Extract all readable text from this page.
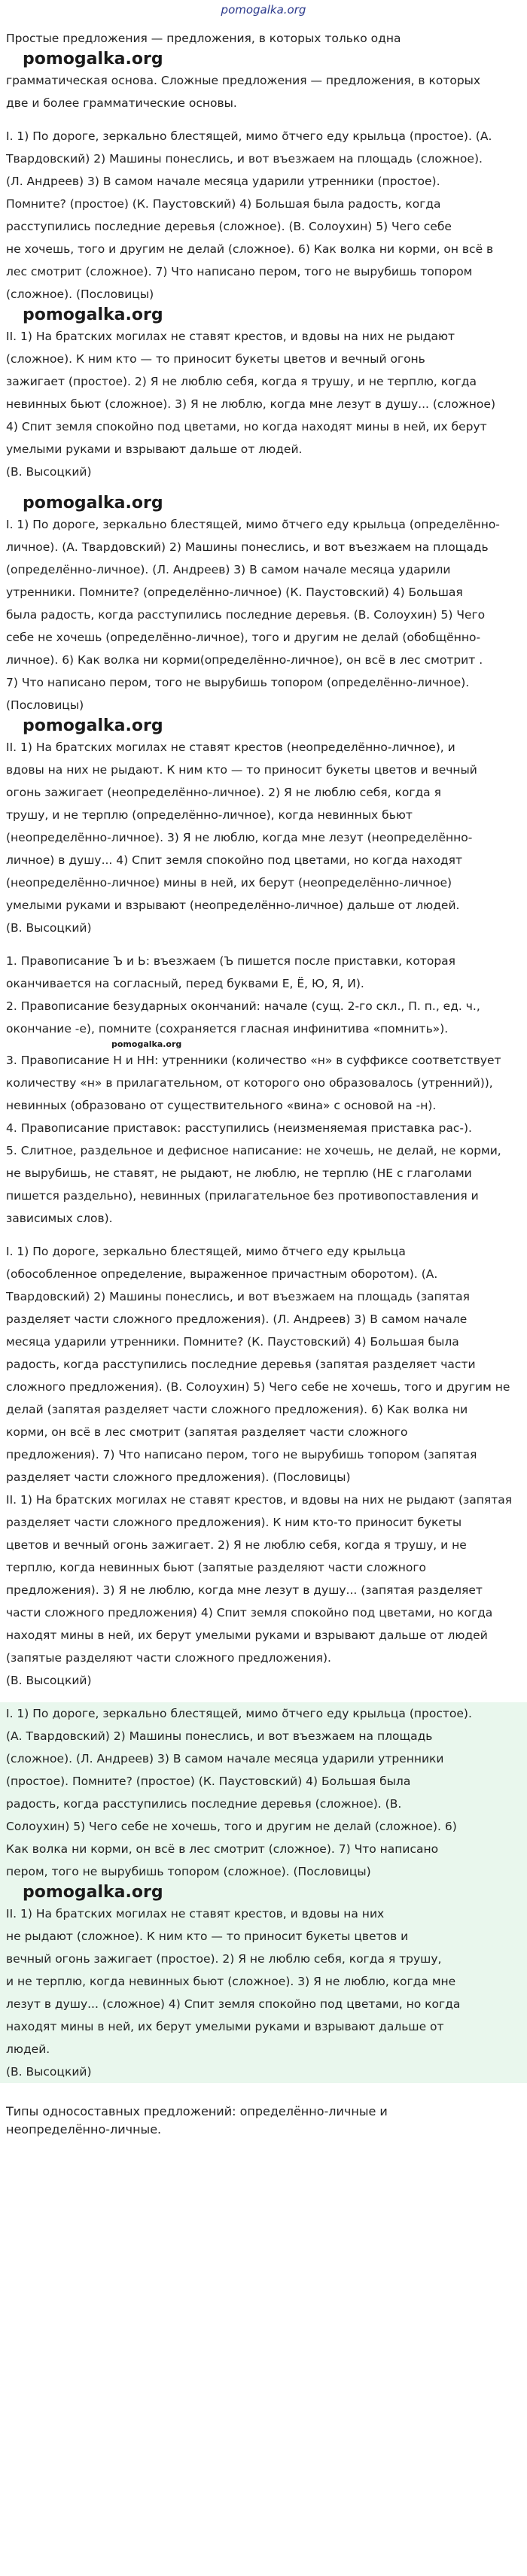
pomogalka.org
Простые предложения — предложения, в которых только одна
pomogalka.org
грамматическая основа. Сложные предложения — предложения, в которых
две и более грамматические основы.
I. 1) По дороге, зеркально блестящей, мимо о̃тчего еду крыльца (простое). (А.
Твардовский) 2) Машины понеслись, и вот въезжаем на площадь (сложное).
(Л. Андреев) 3) В самом начале месяца ударили утренники (простое).
Помните? (простое) (К. Паустовский) 4) Большая была радость, когда
расступились последние деревья (сложное). (В. Солоухин) 5) Чего себе
не хочешь, того и другим не делай (сложное). 6) Как волка ни корми, он всё в
лес смотрит (сложное). 7) Что написано пером, того не вырубишь топором
(сложное). (Пословицы)
pomogalka.org
II. 1) На братских могилах не ставят крестов, и вдовы на них не рыдают
(сложное). К ним кто — то приносит букеты цветов и вечный огонь
зажигает (простое). 2) Я не люблю себя, когда я трушу, и не терплю, когда
невинных бьют (сложное). 3) Я не люблю, когда мне лезут в душу... (сложное)
4) Спит земля спокойно под цветами, но когда находят мины в ней, их берут
умелыми руками и взрывают дальше от людей.
(В. Высоцкий)
pomogalka.org
I. 1) По дороге, зеркально блестящей, мимо о̃тчего еду крыльца (определённо-
личное). (А. Твардовский) 2) Машины понеслись, и вот въезжаем на площадь
(определённо-личное). (Л. Андреев) 3) В самом начале месяца ударили
утренники. Помните? (определённо-личное) (К. Паустовский) 4) Большая
была радость, когда расступились последние деревья. (В. Солоухин) 5) Чего
себе не хочешь (определённо-личное), того и другим не делай (обобщённо-
личное). 6) Как волка ни корми(определённо-личное), он всё в лес смотрит .
7) Что написано пером, того не вырубишь топором (определённо-личное).
(Пословицы)
pomogalka.org
II. 1) На братских могилах не ставят крестов (неопределённо-личное), и
вдовы на них не рыдают. К ним кто — то приносит букеты цветов и вечный
огонь зажигает (неопределённо-личное). 2) Я не люблю себя, когда я
трушу, и не терплю (определённо-личное), когда невинных бьют
(неопределённо-личное). 3) Я не люблю, когда мне лезут (неопределённо-
личное) в душу... 4) Спит земля спокойно под цветами, но когда находят
(неопределённо-личное) мины в ней, их берут (неопределённо-личное)
умелыми руками и взрывают (неопределённо-личное) дальше от людей.
(В. Высоцкий)
1. Правописание Ъ и Ь: въезжаем (Ъ пишется после приставки, которая
оканчивается на согласный, перед буквами Е, Ё, Ю, Я, И).
2. Правописание безударных окончаний: начале (сущ. 2-го скл., П. п., ед. ч.,
окончание -е), помните (сохраняется гласная инфинитива «помнить»).
pomogalka.org
3. Правописание Н и НН: утренники (количество «н» в суффиксе соответствует
количеству «н» в прилагательном, от которого оно образовалось (утренний)),
невинных (образовано от существительного «вина» с основой на -н).
4. Правописание приставок: расступились (неизменяемая приставка рас-).
5. Слитное, раздельное и дефисное написание: не хочешь, не делай, не корми,
не вырубишь, не ставят, не рыдают, не люблю, не терплю (НЕ с глаголами
пишется раздельно), невинных (прилагательное без противопоставления и
зависимых слов).
I. 1) По дороге, зеркально блестящей, мимо о̃тчего еду крыльца
(обособленное определение, выраженное причастным оборотом). (А.
Твардовский) 2) Машины понеслись, и вот въезжаем на площадь (запятая
разделяет части сложного предложения). (Л. Андреев) 3) В самом начале
месяца ударили утренники. Помните? (К. Паустовский) 4) Большая была
радость, когда расступились последние деревья (запятая разделяет части
сложного предложения). (В. Солоухин) 5) Чего себе не хочешь, того и другим не
делай (запятая разделяет части сложного предложения). 6) Как волка ни
корми, он всё в лес смотрит (запятая разделяет части сложного
предложения). 7) Что написано пером, того не вырубишь топором (запятая
разделяет части сложного предложения). (Пословицы)
II. 1) На братских могилах не ставят крестов, и вдовы на них не рыдают (запятая
разделяет части сложного предложения). К ним кто-то приносит букеты
цветов и вечный огонь зажигает. 2) Я не люблю себя, когда я трушу, и не
терплю, когда невинных бьют (запятые разделяют части сложного
предложения). 3) Я не люблю, когда мне лезут в душу... (запятая разделяет
части сложного предложения) 4) Спит земля спокойно под цветами, но когда
находят мины в ней, их берут умелыми руками и взрывают дальше от людей
(запятые разделяют части сложного предложения).
(В. Высоцкий)
I. 1) По дороге, зеркально блестящей, мимо о̃тчего еду крыльца (простое).
(А. Твардовский) 2) Машины понеслись, и вот въезжаем на площадь
(сложное). (Л. Андреев) 3) В самом начале месяца ударили утренники
(простое). Помните? (простое) (К. Паустовский) 4) Большая была
радость, когда расступились последние деревья (сложное). (В.
Солоухин) 5) Чего себе не хочешь, того и другим не делай (сложное). 6)
Как волка ни корми, он всё в лес смотрит (сложное). 7) Что написано
пером, того не вырубишь топором (сложное). (Пословицы)
pomogalka.org
II. 1) На братских могилах не ставят крестов, и вдовы на них
не рыдают (сложное). К ним кто — то приносит букеты цветов и
вечный огонь зажигает (простое). 2) Я не люблю себя, когда я трушу,
и не терплю, когда невинных бьют (сложное). 3) Я не люблю, когда мне
лезут в душу... (сложное) 4) Спит земля спокойно под цветами, но когда
находят мины в ней, их берут умелыми руками и взрывают дальше от
людей.
(В. Высоцкий)
Типы односоставных предложений: определённо-личные и
неопределённо-личные.
